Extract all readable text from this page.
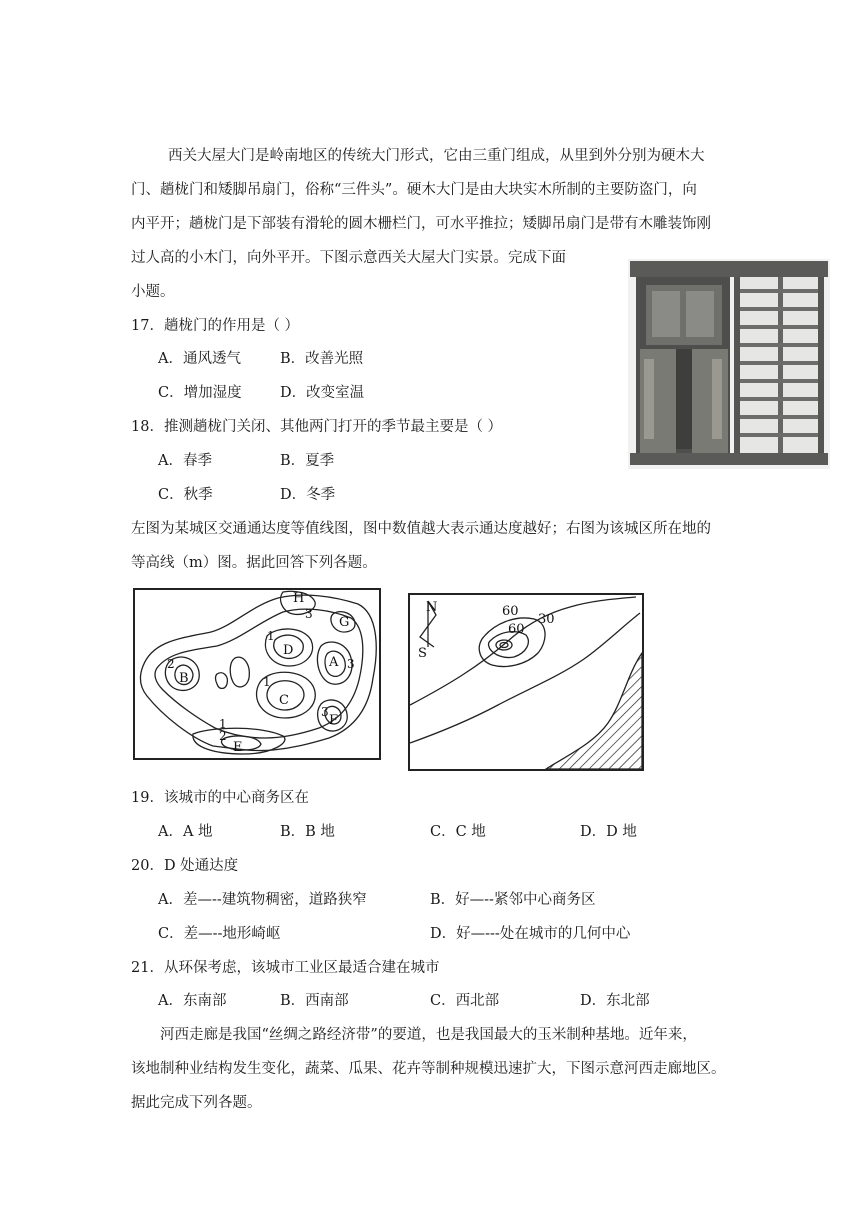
西关大屋大门是岭南地区的传统大门形式，它由三重门组成，从里到外分别为硬木大
门、趟栊门和矮脚吊扇门，俗称“三件头”。硬木大门是由大块实木所制的主要防盗门，向
内平开；趟栊门是下部装有滑轮的圆木栅栏门，可水平推拉；矮脚吊扇门是带有木雕装饰刚
过人高的小木门，向外平开。下图示意西关大屋大门实景。完成下面
小题。
17．趟栊门的作用是（ ）
A．通风透气	B．改善光照
C．增加湿度	D．改变室温
18．推测趟栊门关闭、其他两门打开的季节最主要是（ ）
A．春季	B．夏季
C．秋季	D．冬季
左图为某城区交通通达度等值线图，图中数值越大表示通达度越好；右图为该城区所在地的
等高线（m）图。据此回答下列各题。
H
3
G
1
D
2
B
A 3
1
C
3
F
1
2
E
N
S
60
30
60
19．该城市的中心商务区在
A．A 地	B．B 地	C．C 地	D．D 地
20．D 处通达度
A．差—--建筑物稠密，道路狭窄	B．好—--紧邻中心商务区
C．差—--地形崎岖	D．好—---处在城市的几何中心
21．从环保考虑，该城市工业区最适合建在城市
A．东南部	B．西南部	C．西北部	D．东北部
河西走廊是我国“丝绸之路经济带”的要道，也是我国最大的玉米制种基地。近年来，
该地制种业结构发生变化，蔬菜、瓜果、花卉等制种规模迅速扩大，下图示意河西走廊地区。
据此完成下列各题。
